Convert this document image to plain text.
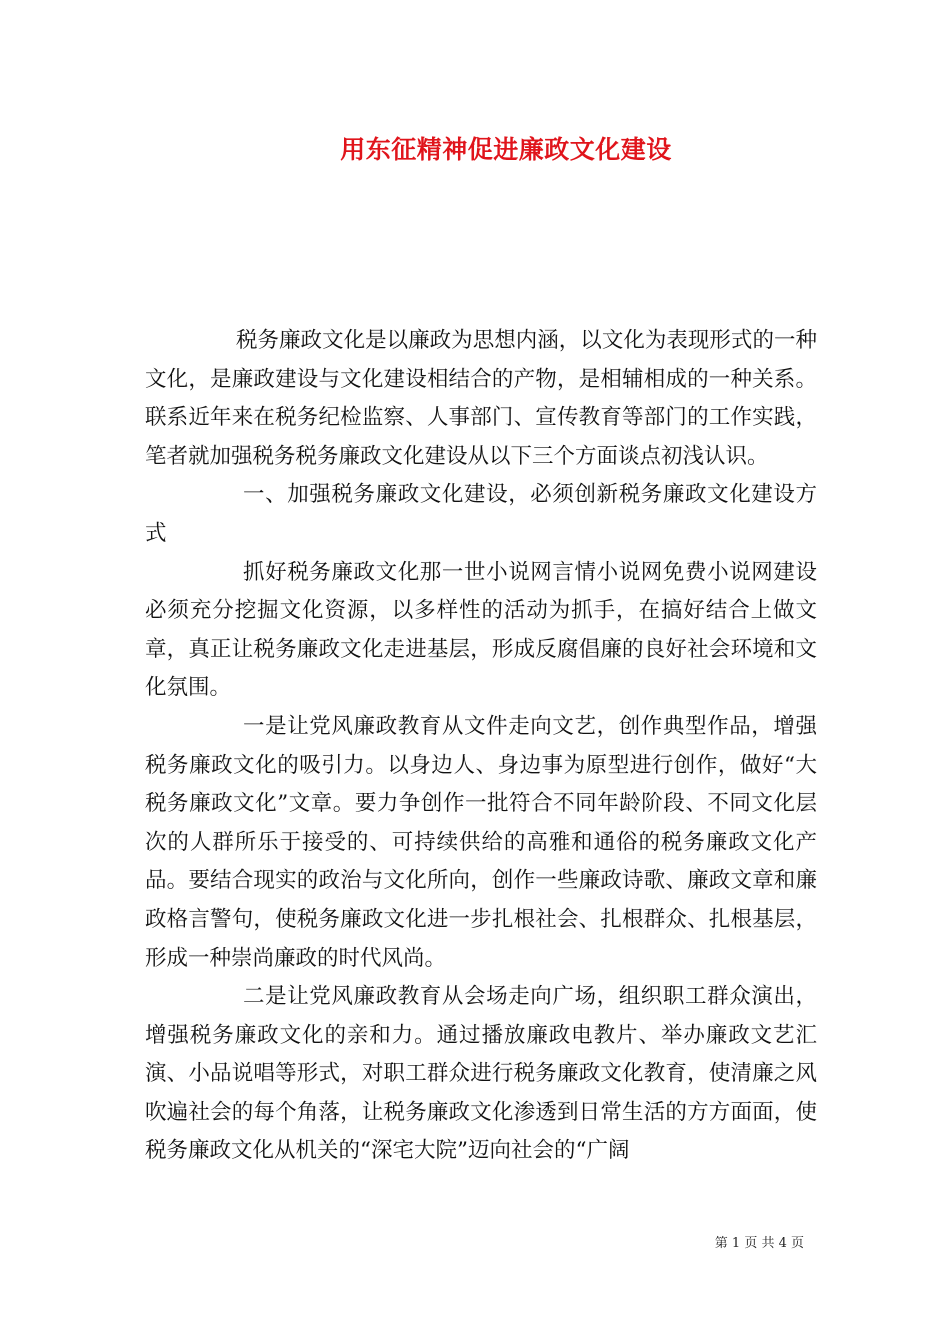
用东征精神促进廉政文化建设

税务廉政文化是以廉政为思想内涵，以文化为表现形式的一种文化，是廉政建设与文化建设相结合的产物，是相辅相成的一种关系。联系近年来在税务纪检监察、人事部门、宣传教育等部门的工作实践，笔者就加强税务税务廉政文化建设从以下三个方面谈点初浅认识。

一、加强税务廉政文化建设，必须创新税务廉政文化建设方式

抓好税务廉政文化那一世小说网言情小说网免费小说网建设必须充分挖掘文化资源，以多样性的活动为抓手，在搞好结合上做文章，真正让税务廉政文化走进基层，形成反腐倡廉的良好社会环境和文化氛围。

一是让党风廉政教育从文件走向文艺，创作典型作品，增强税务廉政文化的吸引力。以身边人、身边事为原型进行创作，做好“大税务廉政文化”文章。要力争创作一批符合不同年龄阶段、不同文化层次的人群所乐于接受的、可持续供给的高雅和通俗的税务廉政文化产品。要结合现实的政治与文化所向，创作一些廉政诗歌、廉政文章和廉政格言警句，使税务廉政文化进一步扎根社会、扎根群众、扎根基层，形成一种崇尚廉政的时代风尚。

二是让党风廉政教育从会场走向广场，组织职工群众演出，增强税务廉政文化的亲和力。通过播放廉政电教片、举办廉政文艺汇演、小品说唱等形式，对职工群众进行税务廉政文化教育，使清廉之风吹遍社会的每个角落，让税务廉政文化渗透到日常生活的方方面面，使税务廉政文化从机关的“深宅大院”迈向社会的“广阔

第 1 页 共 4 页
